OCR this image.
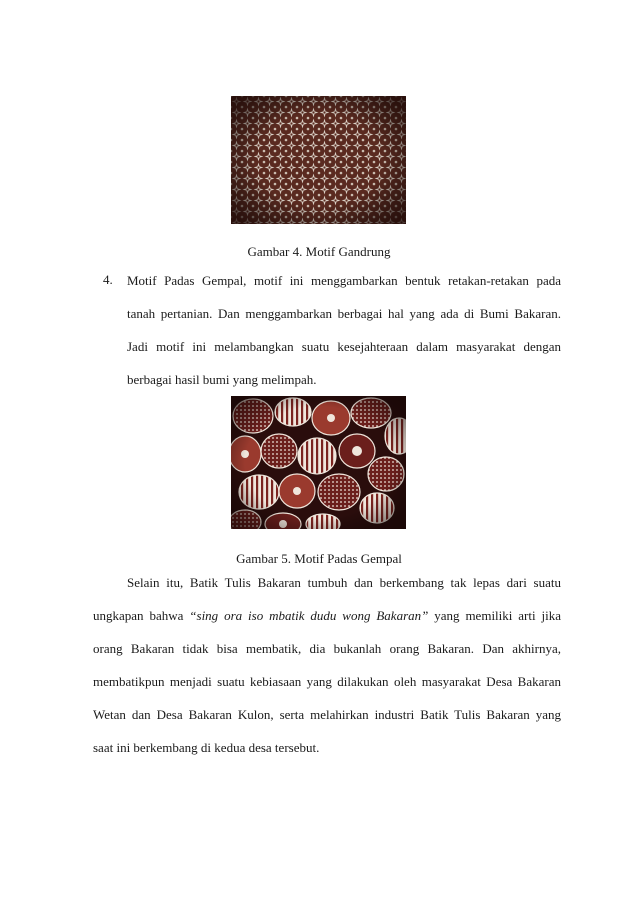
Gambar 4. Motif Gandrung
4. Motif Padas Gempal, motif ini menggambarkan bentuk retakan-retakan pada
tanah pertanian. Dan menggambarkan berbagai hal yang ada di Bumi Bakaran.
Jadi motif ini melambangkan suatu kesejahteraan dalam masyarakat dengan
berbagai hasil bumi yang melimpah.
Gambar 5. Motif Padas Gempal
Selain itu, Batik Tulis Bakaran tumbuh dan berkembang tak lepas dari suatu
ungkapan bahwa “sing ora iso mbatik dudu wong Bakaran” yang memiliki arti jika
orang Bakaran tidak bisa membatik, dia bukanlah orang Bakaran. Dan akhirnya,
membatikpun menjadi suatu kebiasaan yang dilakukan oleh masyarakat Desa Bakaran
Wetan dan Desa Bakaran Kulon, serta melahirkan industri Batik Tulis Bakaran yang
saat ini berkembang di kedua desa tersebut.
